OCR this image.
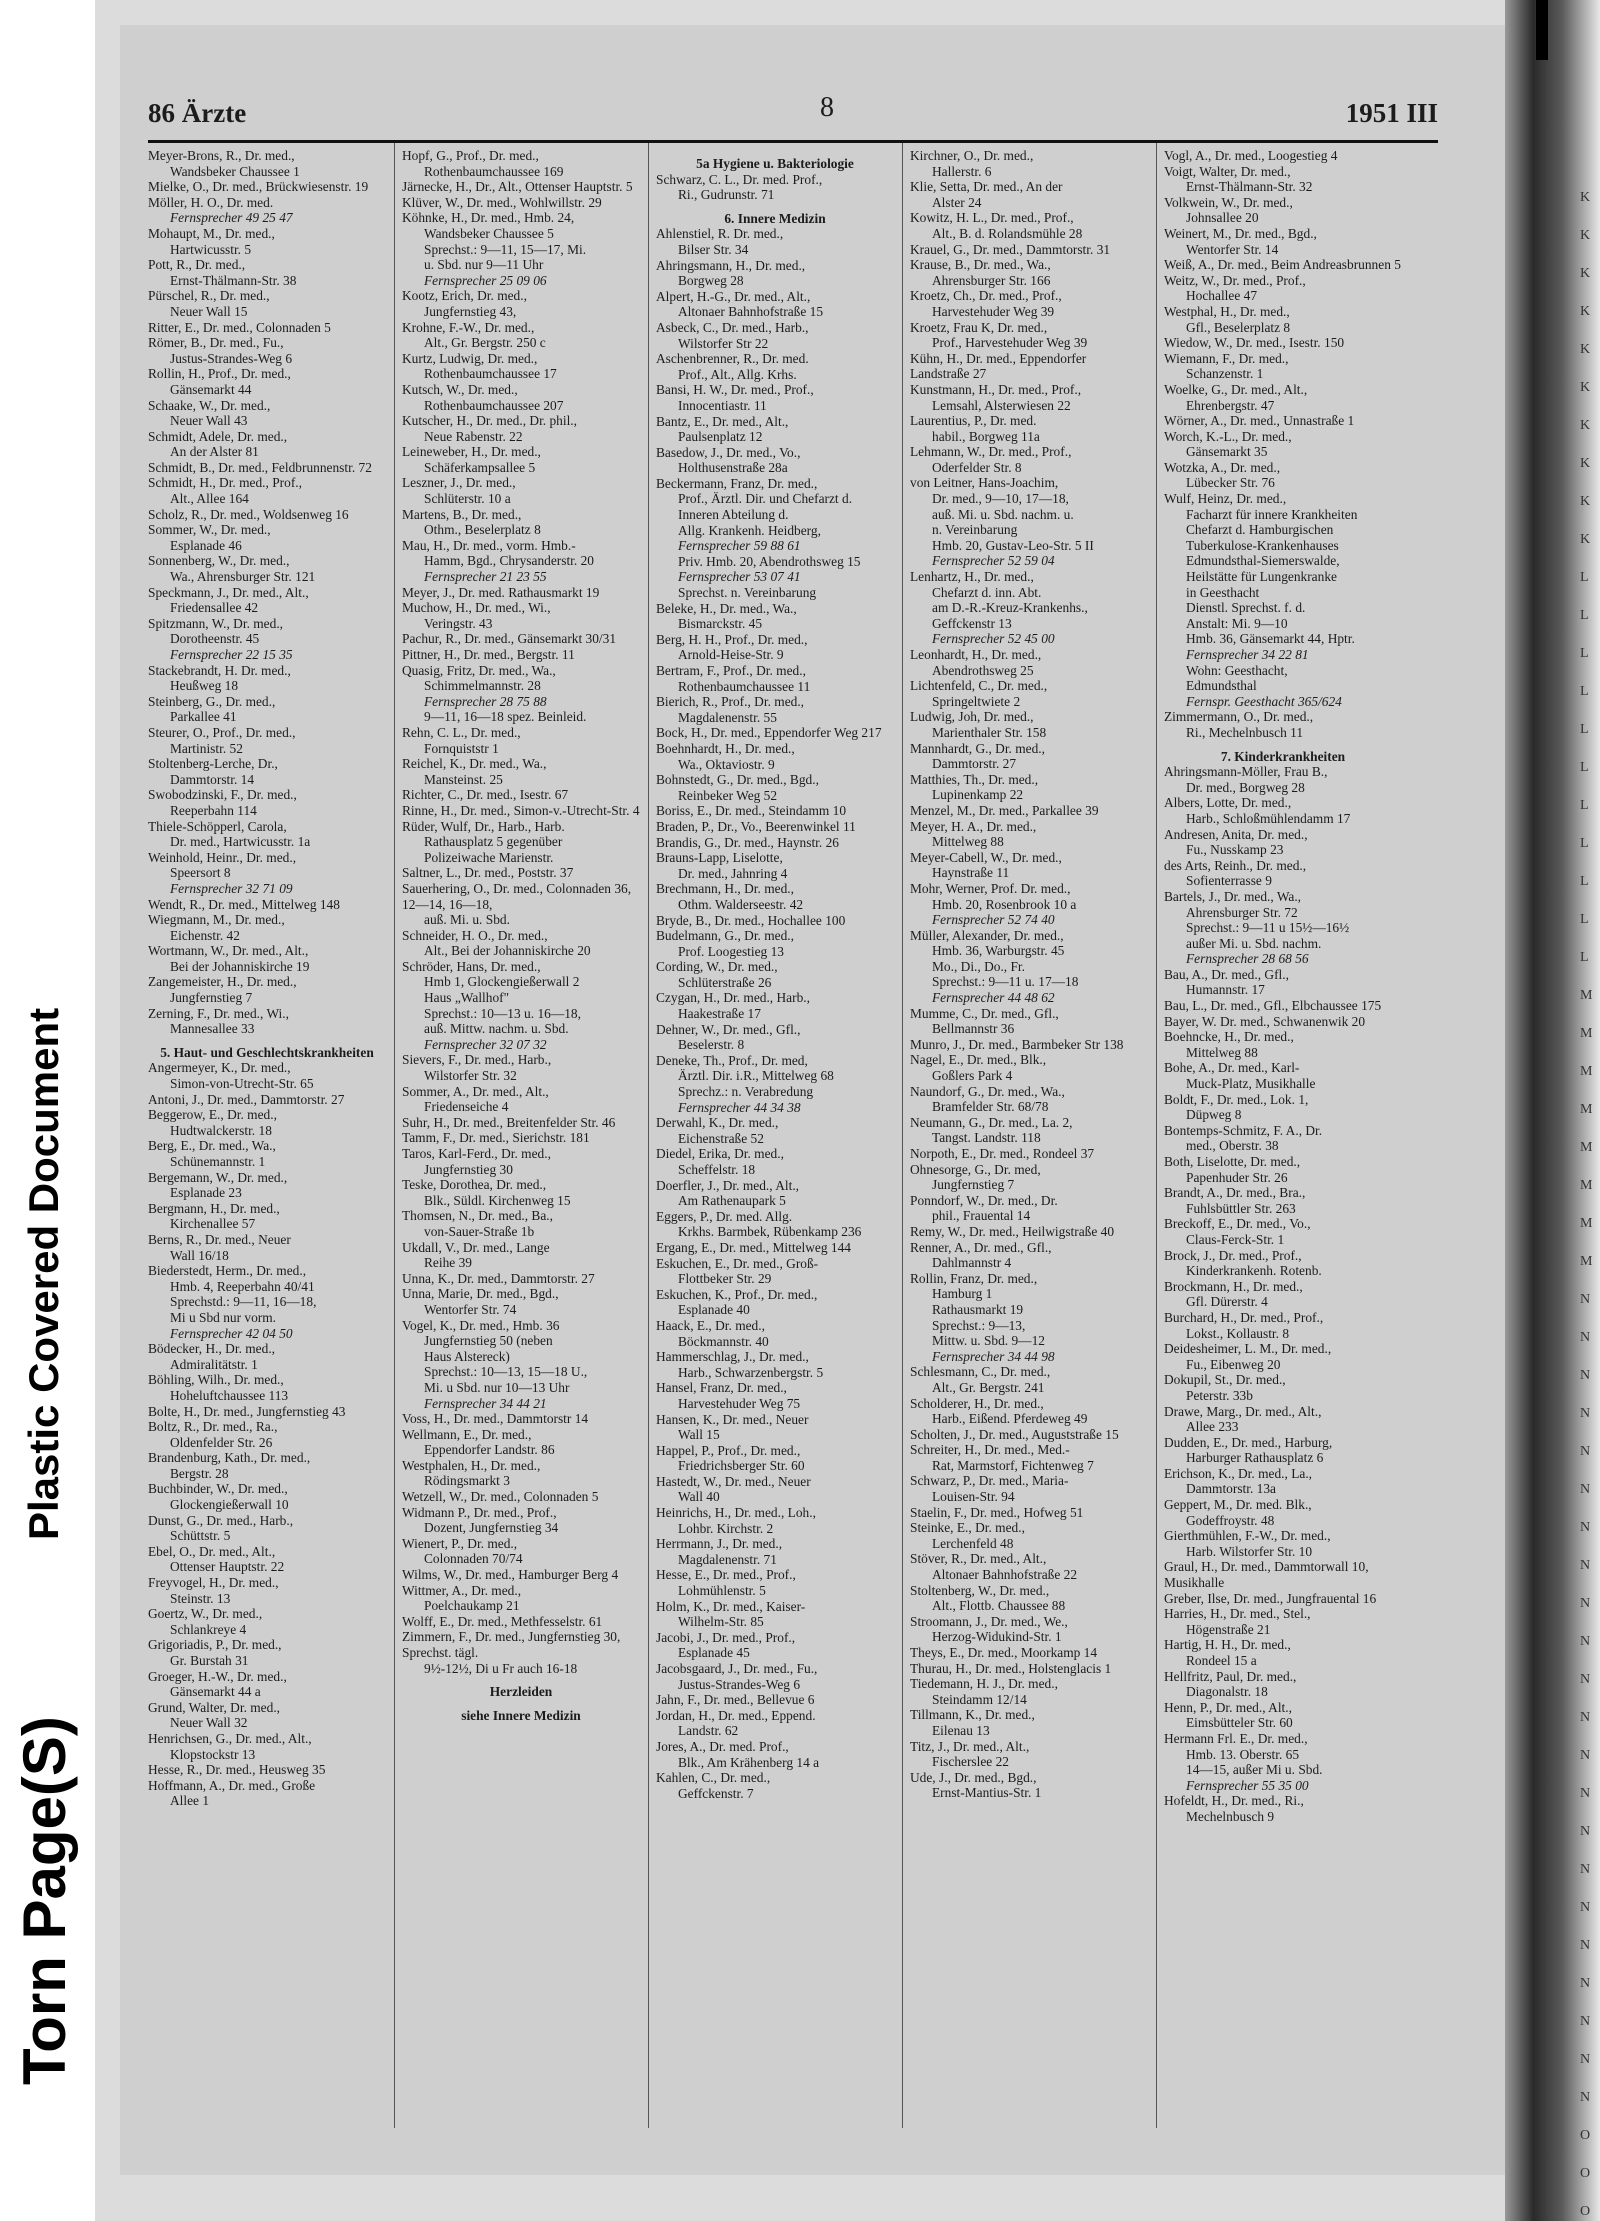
Plastic Covered Document
Torn Page(S)
K
K
K
K
K
K
K
K
K
K
L
L
L
L
L
L
L
L
L
L
L
M
M
M
M
M
M
M
M
N
N
N
N
N
N
N
N
N
N
N
N
N
N
N
N
N
N
N
N
N
N
O
O
O
86 Ärzte	8	1951 III

Meyer-Brons, R., Dr. med.,

Wandsbeker Chaussee 1

Mielke, O., Dr. med., Brückwiesenstr. 19

Möller, H. O., Dr. med.

Fernsprecher 49 25 47

Mohaupt, M., Dr. med.,

Hartwicusstr. 5

Pott, R., Dr. med.,

Ernst-Thälmann-Str. 38

Pürschel, R., Dr. med.,

Neuer Wall 15

Ritter, E., Dr. med., Colonnaden 5

Römer, B., Dr. med., Fu.,

Justus-Strandes-Weg 6

Rollin, H., Prof., Dr. med.,

Gänsemarkt 44

Schaake, W., Dr. med.,

Neuer Wall 43

Schmidt, Adele, Dr. med.,

An der Alster 81

Schmidt, B., Dr. med., Feldbrunnenstr. 72

Schmidt, H., Dr. med., Prof.,

Alt., Allee 164

Scholz, R., Dr. med., Woldsenweg 16

Sommer, W., Dr. med.,

Esplanade 46

Sonnenberg, W., Dr. med.,

Wa., Ahrensburger Str. 121

Speckmann, J., Dr. med., Alt.,

Friedensallee 42

Spitzmann, W., Dr. med.,

Dorotheenstr. 45

Fernsprecher 22 15 35

Stackebrandt, H. Dr. med.,

Heußweg 18

Steinberg, G., Dr. med.,

Parkallee 41

Steurer, O., Prof., Dr. med.,

Martinistr. 52

Stoltenberg-Lerche, Dr.,

Dammtorstr. 14

Swobodzinski, F., Dr. med.,

Reeperbahn 114

Thiele-Schöpperl, Carola,

Dr. med., Hartwicusstr. 1a

Weinhold, Heinr., Dr. med.,

Speersort 8

Fernsprecher 32 71 09

Wendt, R., Dr. med., Mittelweg 148

Wiegmann, M., Dr. med.,

Eichenstr. 42

Wortmann, W., Dr. med., Alt.,

Bei der Johanniskirche 19

Zangemeister, H., Dr. med.,

Jungfernstieg 7

Zerning, F., Dr. med., Wi.,

Mannesallee 33

5. Haut- und Geschlechtskrankheiten

Angermeyer, K., Dr. med.,

Simon-von-Utrecht-Str. 65

Antoni, J., Dr. med., Dammtorstr. 27

Beggerow, E., Dr. med.,

Hudtwalckerstr. 18

Berg, E., Dr. med., Wa.,

Schünemannstr. 1

Bergemann, W., Dr. med.,

Esplanade 23

Bergmann, H., Dr. med.,

Kirchenallee 57

Berns, R., Dr. med., Neuer

Wall 16/18

Biederstedt, Herm., Dr. med.,

Hmb. 4, Reeperbahn 40/41

Sprechstd.: 9—11, 16—18,

Mi u Sbd nur vorm.

Fernsprecher 42 04 50

Bödecker, H., Dr. med.,

Admiralitätstr. 1

Böhling, Wilh., Dr. med.,

Hoheluftchaussee 113

Bolte, H., Dr. med., Jungfernstieg 43

Boltz, R., Dr. med., Ra.,

Oldenfelder Str. 26

Brandenburg, Kath., Dr. med.,

Bergstr. 28

Buchbinder, W., Dr. med.,

Glockengießerwall 10

Dunst, G., Dr. med., Harb.,

Schüttstr. 5

Ebel, O., Dr. med., Alt.,

Ottenser Hauptstr. 22

Freyvogel, H., Dr. med.,

Steinstr. 13

Goertz, W., Dr. med.,

Schlankreye 4

Grigoriadis, P., Dr. med.,

Gr. Burstah 31

Groeger, H.-W., Dr. med.,

Gänsemarkt 44 a

Grund, Walter, Dr. med.,

Neuer Wall 32

Henrichsen, G., Dr. med., Alt.,

Klopstockstr 13

Hesse, R., Dr. med., Heusweg 35

Hoffmann, A., Dr. med., Große

Allee 1

Hopf, G., Prof., Dr. med.,

Rothenbaumchaussee 169

Järnecke, H., Dr., Alt., Ottenser Hauptstr. 5

Klüver, W., Dr. med., Wohlwillstr. 29

Köhnke, H., Dr. med., Hmb. 24,

Wandsbeker Chaussee 5

Sprechst.: 9—11, 15—17, Mi.

u. Sbd. nur 9—11 Uhr

Fernsprecher 25 09 06

Kootz, Erich, Dr. med.,

Jungfernstieg 43,

Krohne, F.-W., Dr. med.,

Alt., Gr. Bergstr. 250 c

Kurtz, Ludwig, Dr. med.,

Rothenbaumchaussee 17

Kutsch, W., Dr. med.,

Rothenbaumchaussee 207

Kutscher, H., Dr. med., Dr. phil.,

Neue Rabenstr. 22

Leineweber, H., Dr. med.,

Schäferkampsallee 5

Leszner, J., Dr. med.,

Schlüterstr. 10 a

Martens, B., Dr. med.,

Othm., Beselerplatz 8

Mau, H., Dr. med., vorm. Hmb.-

Hamm, Bgd., Chrysanderstr. 20

Fernsprecher 21 23 55

Meyer, J., Dr. med. Rathausmarkt 19

Muchow, H., Dr. med., Wi.,

Veringstr. 43

Pachur, R., Dr. med., Gänsemarkt 30/31

Pittner, H., Dr. med., Bergstr. 11

Quasig, Fritz, Dr. med., Wa.,

Schimmelmannstr. 28

Fernsprecher 28 75 88

9—11, 16—18 spez. Beinleid.

Rehn, C. L., Dr. med.,

Fornquiststr 1

Reichel, K., Dr. med., Wa.,

Mansteinst. 25

Richter, C., Dr. med., Isestr. 67

Rinne, H., Dr. med., Simon-v.-Utrecht-Str. 4

Rüder, Wulf, Dr., Harb., Harb.

Rathausplatz 5 gegenüber

Polizeiwache Marienstr.

Saltner, L., Dr. med., Poststr. 37

Sauerhering, O., Dr. med., Colonnaden 36, 12—14, 16—18,

auß. Mi. u. Sbd.

Schneider, H. O., Dr. med.,

Alt., Bei der Johanniskirche 20

Schröder, Hans, Dr. med.,

Hmb 1, Glockengießerwall 2

Haus „Wallhof"

Sprechst.: 10—13 u. 16—18,

auß. Mittw. nachm. u. Sbd.

Fernsprecher 32 07 32

Sievers, F., Dr. med., Harb.,

Wilstorfer Str. 32

Sommer, A., Dr. med., Alt.,

Friedenseiche 4

Suhr, H., Dr. med., Breitenfelder Str. 46

Tamm, F., Dr. med., Sierichstr. 181

Taros, Karl-Ferd., Dr. med.,

Jungfernstieg 30

Teske, Dorothea, Dr. med.,

Blk., Süldl. Kirchenweg 15

Thomsen, N., Dr. med., Ba.,

von-Sauer-Straße 1b

Ukdall, V., Dr. med., Lange

Reihe 39

Unna, K., Dr. med., Dammtorstr. 27

Unna, Marie, Dr. med., Bgd.,

Wentorfer Str. 74

Vogel, K., Dr. med., Hmb. 36

Jungfernstieg 50 (neben

Haus Alstereck)

Sprechst.: 10—13, 15—18 U.,

Mi. u Sbd. nur 10—13 Uhr

Fernsprecher 34 44 21

Voss, H., Dr. med., Dammtorstr 14

Wellmann, E., Dr. med.,

Eppendorfer Landstr. 86

Westphalen, H., Dr. med.,

Rödingsmarkt 3

Wetzell, W., Dr. med., Colonnaden 5

Widmann P., Dr. med., Prof.,

Dozent, Jungfernstieg 34

Wienert, P., Dr. med.,

Colonnaden 70/74

Wilms, W., Dr. med., Hamburger Berg 4

Wittmer, A., Dr. med.,

Poelchaukamp 21

Wolff, E., Dr. med., Methfesselstr. 61

Zimmern, F., Dr. med., Jungfernstieg 30, Sprechst. tägl.

9½-12½, Di u Fr auch 16-18

Herzleiden

siehe Innere Medizin

5a Hygiene u. Bakteriologie

Schwarz, C. L., Dr. med. Prof.,

Ri., Gudrunstr. 71

6. Innere Medizin

Ahlenstiel, R. Dr. med.,

Bilser Str. 34

Ahringsmann, H., Dr. med.,

Borgweg 28

Alpert, H.-G., Dr. med., Alt.,

Altonaer Bahnhofstraße 15

Asbeck, C., Dr. med., Harb.,

Wilstorfer Str 22

Aschenbrenner, R., Dr. med.

Prof., Alt., Allg. Krhs.

Bansi, H. W., Dr. med., Prof.,

Innocentiastr. 11

Bantz, E., Dr. med., Alt.,

Paulsenplatz 12

Basedow, J., Dr. med., Vo.,

Holthusenstraße 28a

Beckermann, Franz, Dr. med.,

Prof., Ärztl. Dir. und Chefarzt d. Inneren Abteilung d.

Allg. Krankenh. Heidberg,

Fernsprecher 59 88 61

Priv. Hmb. 20, Abendrothsweg 15

Fernsprecher 53 07 41

Sprechst. n. Vereinbarung

Beleke, H., Dr. med., Wa.,

Bismarckstr. 45

Berg, H. H., Prof., Dr. med.,

Arnold-Heise-Str. 9

Bertram, F., Prof., Dr. med.,

Rothenbaumchaussee 11

Bierich, R., Prof., Dr. med.,

Magdalenenstr. 55

Bock, H., Dr. med., Eppendorfer Weg 217

Boehnhardt, H., Dr. med.,

Wa., Oktaviostr. 9

Bohnstedt, G., Dr. med., Bgd.,

Reinbeker Weg 52

Boriss, E., Dr. med., Steindamm 10

Braden, P., Dr., Vo., Beerenwinkel 11

Brandis, G., Dr. med., Haynstr. 26

Brauns-Lapp, Liselotte,

Dr. med., Jahnring 4

Brechmann, H., Dr. med.,

Othm. Walderseestr. 42

Bryde, B., Dr. med., Hochallee 100

Budelmann, G., Dr. med.,

Prof. Loogestieg 13

Cording, W., Dr. med.,

Schlüterstraße 26

Czygan, H., Dr. med., Harb.,

Haakestraße 17

Dehner, W., Dr. med., Gfl.,

Beselerstr. 8

Deneke, Th., Prof., Dr. med,

Ärztl. Dir. i.R., Mittelweg 68

Sprechz.: n. Verabredung

Fernsprecher 44 34 38

Derwahl, K., Dr. med.,

Eichenstraße 52

Diedel, Erika, Dr. med.,

Scheffelstr. 18

Doerfler, J., Dr. med., Alt.,

Am Rathenaupark 5

Eggers, P., Dr. med. Allg.

Krkhs. Barmbek, Rübenkamp 236

Ergang, E., Dr. med., Mittelweg 144

Eskuchen, E., Dr. med., Groß-

Flottbeker Str. 29

Eskuchen, K., Prof., Dr. med.,

Esplanade 40

Haack, E., Dr. med.,

Böckmannstr. 40

Hammerschlag, J., Dr. med.,

Harb., Schwarzenbergstr. 5

Hansel, Franz, Dr. med.,

Harvestehuder Weg 75

Hansen, K., Dr. med., Neuer

Wall 15

Happel, P., Prof., Dr. med.,

Friedrichsberger Str. 60

Hastedt, W., Dr. med., Neuer

Wall 40

Heinrichs, H., Dr. med., Loh.,

Lohbr. Kirchstr. 2

Herrmann, J., Dr. med.,

Magdalenenstr. 71

Hesse, E., Dr. med., Prof.,

Lohmühlenstr. 5

Holm, K., Dr. med., Kaiser-

Wilhelm-Str. 85

Jacobi, J., Dr. med., Prof.,

Esplanade 45

Jacobsgaard, J., Dr. med., Fu.,

Justus-Strandes-Weg 6

Jahn, F., Dr. med., Bellevue 6

Jordan, H., Dr. med., Eppend.

Landstr. 62

Jores, A., Dr. med. Prof.,

Blk., Am Krähenberg 14 a

Kahlen, C., Dr. med.,

Geffckenstr. 7

Kirchner, O., Dr. med.,

Hallerstr. 6

Klie, Setta, Dr. med., An der

Alster 24

Kowitz, H. L., Dr. med., Prof.,

Alt., B. d. Rolandsmühle 28

Krauel, G., Dr. med., Dammtorstr. 31

Krause, B., Dr. med., Wa.,

Ahrensburger Str. 166

Kroetz, Ch., Dr. med., Prof.,

Harvestehuder Weg 39

Kroetz, Frau K, Dr. med.,

Prof., Harvestehuder Weg 39

Kühn, H., Dr. med., Eppendorfer Landstraße 27

Kunstmann, H., Dr. med., Prof.,

Lemsahl, Alsterwiesen 22

Laurentius, P., Dr. med.

habil., Borgweg 11a

Lehmann, W., Dr. med., Prof.,

Oderfelder Str. 8

von Leitner, Hans-Joachim,

Dr. med., 9—10, 17—18,

auß. Mi. u. Sbd. nachm. u.

n. Vereinbarung

Hmb. 20, Gustav-Leo-Str. 5 II

Fernsprecher 52 59 04

Lenhartz, H., Dr. med.,

Chefarzt d. inn. Abt.

am D.-R.-Kreuz-Krankenhs.,

Geffckenstr 13

Fernsprecher 52 45 00

Leonhardt, H., Dr. med.,

Abendrothsweg 25

Lichtenfeld, C., Dr. med.,

Springeltwiete 2

Ludwig, Joh, Dr. med.,

Marienthaler Str. 158

Mannhardt, G., Dr. med.,

Dammtorstr. 27

Matthies, Th., Dr. med.,

Lupinenkamp 22

Menzel, M., Dr. med., Parkallee 39

Meyer, H. A., Dr. med.,

Mittelweg 88

Meyer-Cabell, W., Dr. med.,

Haynstraße 11

Mohr, Werner, Prof. Dr. med.,

Hmb. 20, Rosenbrook 10 a

Fernsprecher 52 74 40

Müller, Alexander, Dr. med.,

Hmb. 36, Warburgstr. 45

Mo., Di., Do., Fr.

Sprechst.: 9—11 u. 17—18

Fernsprecher 44 48 62

Mumme, C., Dr. med., Gfl.,

Bellmannstr 36

Munro, J., Dr. med., Barmbeker Str 138

Nagel, E., Dr. med., Blk.,

Goßlers Park 4

Naundorf, G., Dr. med., Wa.,

Bramfelder Str. 68/78

Neumann, G., Dr. med., La. 2,

Tangst. Landstr. 118

Norpoth, E., Dr. med., Rondeel 37

Ohnesorge, G., Dr. med,

Jungfernstieg 7

Ponndorf, W., Dr. med., Dr.

phil., Frauental 14

Remy, W., Dr. med., Heilwigstraße 40

Renner, A., Dr. med., Gfl.,

Dahlmannstr 4

Rollin, Franz, Dr. med.,

Hamburg 1

Rathausmarkt 19

Sprechst.: 9—13,

Mittw. u. Sbd. 9—12

Fernsprecher 34 44 98

Schlesmann, C., Dr. med.,

Alt., Gr. Bergstr. 241

Scholderer, H., Dr. med.,

Harb., Eißend. Pferdeweg 49

Scholten, J., Dr. med., Auguststraße 15

Schreiter, H., Dr. med., Med.-

Rat, Marmstorf, Fichtenweg 7

Schwarz, P., Dr. med., Maria-

Louisen-Str. 94

Staelin, F., Dr. med., Hofweg 51

Steinke, E., Dr. med.,

Lerchenfeld 48

Stöver, R., Dr. med., Alt.,

Altonaer Bahnhofstraße 22

Stoltenberg, W., Dr. med.,

Alt., Flottb. Chaussee 88

Stroomann, J., Dr. med., We.,

Herzog-Widukind-Str. 1

Theys, E., Dr. med., Moorkamp 14

Thurau, H., Dr. med., Holstenglacis 1

Tiedemann, H. J., Dr. med.,

Steindamm 12/14

Tillmann, K., Dr. med.,

Eilenau 13

Titz, J., Dr. med., Alt.,

Fischerslee 22

Ude, J., Dr. med., Bgd.,

Ernst-Mantius-Str. 1

Vogl, A., Dr. med., Loogestieg 4

Voigt, Walter, Dr. med.,

Ernst-Thälmann-Str. 32

Volkwein, W., Dr. med.,

Johnsallee 20

Weinert, M., Dr. med., Bgd.,

Wentorfer Str. 14

Weiß, A., Dr. med., Beim Andreasbrunnen 5

Weitz, W., Dr. med., Prof.,

Hochallee 47

Westphal, H., Dr. med.,

Gfl., Beselerplatz 8

Wiedow, W., Dr. med., Isestr. 150

Wiemann, F., Dr. med.,

Schanzenstr. 1

Woelke, G., Dr. med., Alt.,

Ehrenbergstr. 47

Wörner, A., Dr. med., Unnastraße 1

Worch, K.-L., Dr. med.,

Gänsemarkt 35

Wotzka, A., Dr. med.,

Lübecker Str. 76

Wulf, Heinz, Dr. med.,

Facharzt für innere Krankheiten

Chefarzt d. Hamburgischen

Tuberkulose-Krankenhauses

Edmundsthal-Siemerswalde,

Heilstätte für Lungenkranke

in Geesthacht

Dienstl. Sprechst. f. d.

Anstalt: Mi. 9—10

Hmb. 36, Gänsemarkt 44, Hptr.

Fernsprecher 34 22 81

Wohn: Geesthacht,

Edmundsthal

Fernspr. Geesthacht 365/624

Zimmermann, O., Dr. med.,

Ri., Mechelnbusch 11

7. Kinderkrankheiten

Ahringsmann-Möller, Frau B.,

Dr. med., Borgweg 28

Albers, Lotte, Dr. med.,

Harb., Schloßmühlendamm 17

Andresen, Anita, Dr. med.,

Fu., Nusskamp 23

des Arts, Reinh., Dr. med.,

Sofienterrasse 9

Bartels, J., Dr. med., Wa.,

Ahrensburger Str. 72

Sprechst.: 9—11 u 15½—16½

außer Mi. u. Sbd. nachm.

Fernsprecher 28 68 56

Bau, A., Dr. med., Gfl.,

Humannstr. 17

Bau, L., Dr. med., Gfl., Elbchaussee 175

Bayer, W. Dr. med., Schwanenwik 20

Boehncke, H., Dr. med.,

Mittelweg 88

Bohe, A., Dr. med., Karl-

Muck-Platz, Musikhalle

Boldt, F., Dr. med., Lok. 1,

Düpweg 8

Bontemps-Schmitz, F. A., Dr.

med., Oberstr. 38

Both, Liselotte, Dr. med.,

Papenhuder Str. 26

Brandt, A., Dr. med., Bra.,

Fuhlsbüttler Str. 263

Breckoff, E., Dr. med., Vo.,

Claus-Ferck-Str. 1

Brock, J., Dr. med., Prof.,

Kinderkrankenh. Rotenb.

Brockmann, H., Dr. med.,

Gfl. Dürerstr. 4

Burchard, H., Dr. med., Prof.,

Lokst., Kollaustr. 8

Deidesheimer, L. M., Dr. med.,

Fu., Eibenweg 20

Dokupil, St., Dr. med.,

Peterstr. 33b

Drawe, Marg., Dr. med., Alt.,

Allee 233

Dudden, E., Dr. med., Harburg,

Harburger Rathausplatz 6

Erichson, K., Dr. med., La.,

Dammtorstr. 13a

Geppert, M., Dr. med. Blk.,

Godeffroystr. 48

Gierthmühlen, F.-W., Dr. med.,

Harb. Wilstorfer Str. 10

Graul, H., Dr. med., Dammtorwall 10, Musikhalle

Greber, Ilse, Dr. med., Jungfrauental 16

Harries, H., Dr. med., Stel.,

Högenstraße 21

Hartig, H. H., Dr. med.,

Rondeel 15 a

Hellfritz, Paul, Dr. med.,

Diagonalstr. 18

Henn, P., Dr. med., Alt.,

Eimsbütteler Str. 60

Hermann Frl. E., Dr. med.,

Hmb. 13. Oberstr. 65

14—15, außer Mi u. Sbd.

Fernsprecher 55 35 00

Hofeldt, H., Dr. med., Ri.,

Mechelnbusch 9
